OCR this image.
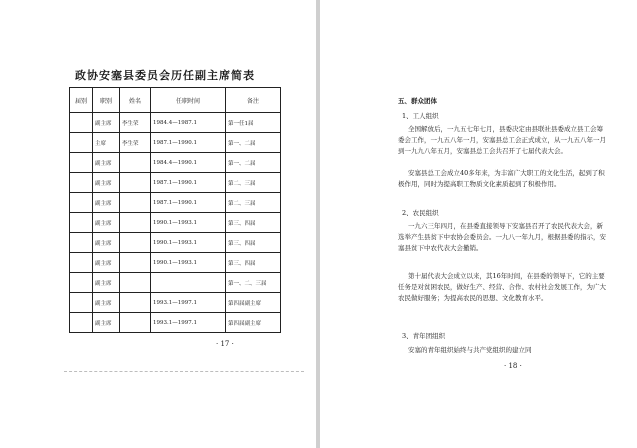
政协安塞县委员会历任副主席简表
届别	职别	姓名	任职时间	备注
	副主席	李生荣	1984.4—1987.1	第一任1届
	主席	李生荣	1987.1—1990.1	第一、二届
	副主席		1984.4—1990.1	第一、二届
	副主席		1987.1—1990.1	第二、三届
	副主席		1987.1—1990.1	第二、三届
	副主席		1990.1—1993.1	第三、四届
	副主席		1990.1—1993.1	第三、四届
	副主席		1990.1—1993.1	第三、四届
	副主席			第一、二、三届
	副主席		1993.1—1997.1	第四届副主席
	副主席		1993.1—1997.1	第四届副主席
· 17 ·
五、群众团体
1、工人组织
全国解放后，一九五七年七月，县委决定由县联社县委成立县工会筹委会工作，一九五八年一月，安塞县总工会正式成立，从一九五八年一月到一九九八年五月，安塞县总工会共召开了七届代表大会。
安塞县总工会成立40多年来，为丰富广大职工的文化生活，起到了积极作用，同时为提高职工物质文化素质起到了积极作用。
2、农民组织
一九六三年四月，在县委直接领导下安塞县召开了农民代表大会，新选举产生县贫下中农协会委员会。一九八一年九月，根据县委的指示，安塞县贫下中农代表大会撤销。
第十届代表大会成立以来，其16年时间，在县委的领导下，它的主要任务是对贫困农民，做好生产、经营、合作、农村社会发展工作，为广大农民做好服务；为提高农民的思想、文化教育水平。
3、青年团组织
安塞的青年组织始终与共产党组织的建立同
· 18 ·
